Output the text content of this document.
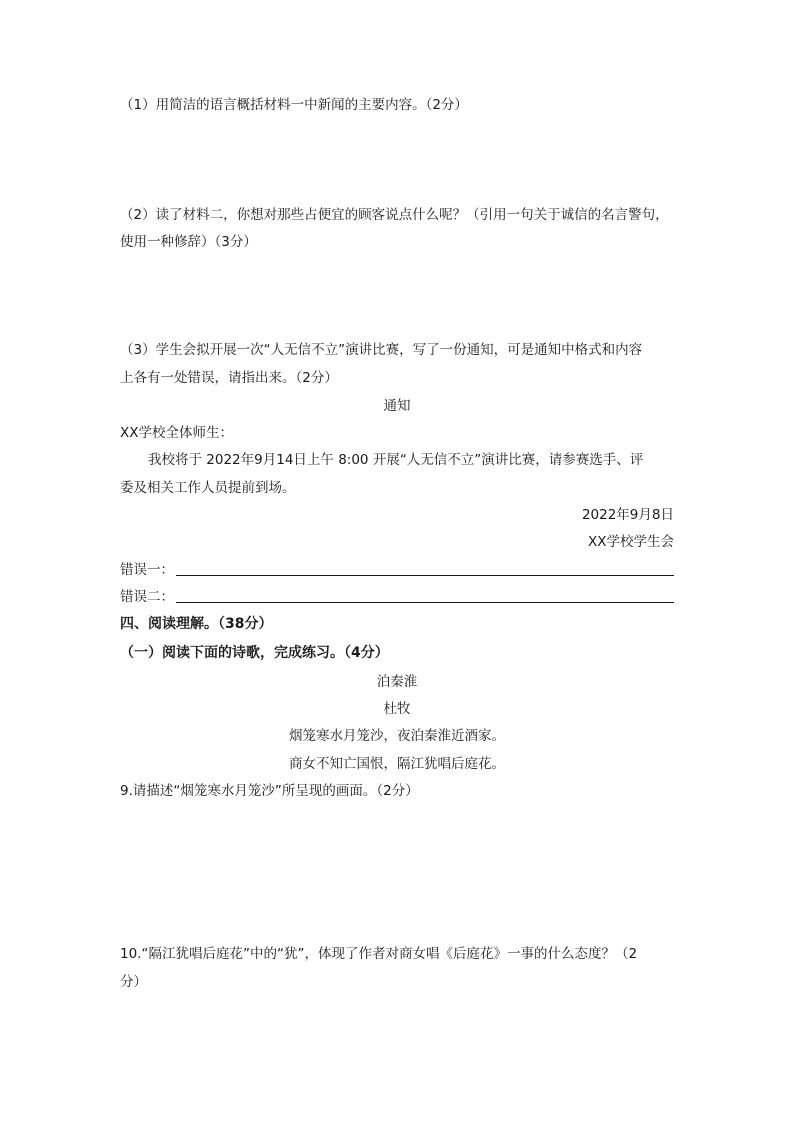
（1）用简洁的语言概括材料一中新闻的主要内容。（2分）
（2）读了材料二，你想对那些占便宜的顾客说点什么呢？（引用一句关于诚信的名言警句，
使用一种修辞）（3分）
（3）学生会拟开展一次“人无信不立”演讲比赛，写了一份通知，可是通知中格式和内容
上各有一处错误，请指出来。（2分）
通知
XX学校全体师生：
我校将于 2022年9月14日上午 8:00 开展“人无信不立”演讲比赛，请参赛选手、评
委及相关工作人员提前到场。
2022年9月8日
XX学校学生会
错误一：
错误二：
四、阅读理解。（38分）
（一）阅读下面的诗歌，完成练习。（4分）
泊秦淮
杜牧
烟笼寒水月笼沙，夜泊秦淮近酒家。
商女不知亡国恨，隔江犹唱后庭花。
9.请描述“烟笼寒水月笼沙”所呈现的画面。（2分）
10.“隔江犹唱后庭花”中的“犹”，体现了作者对商女唱《后庭花》一事的什么态度？（2
分）
